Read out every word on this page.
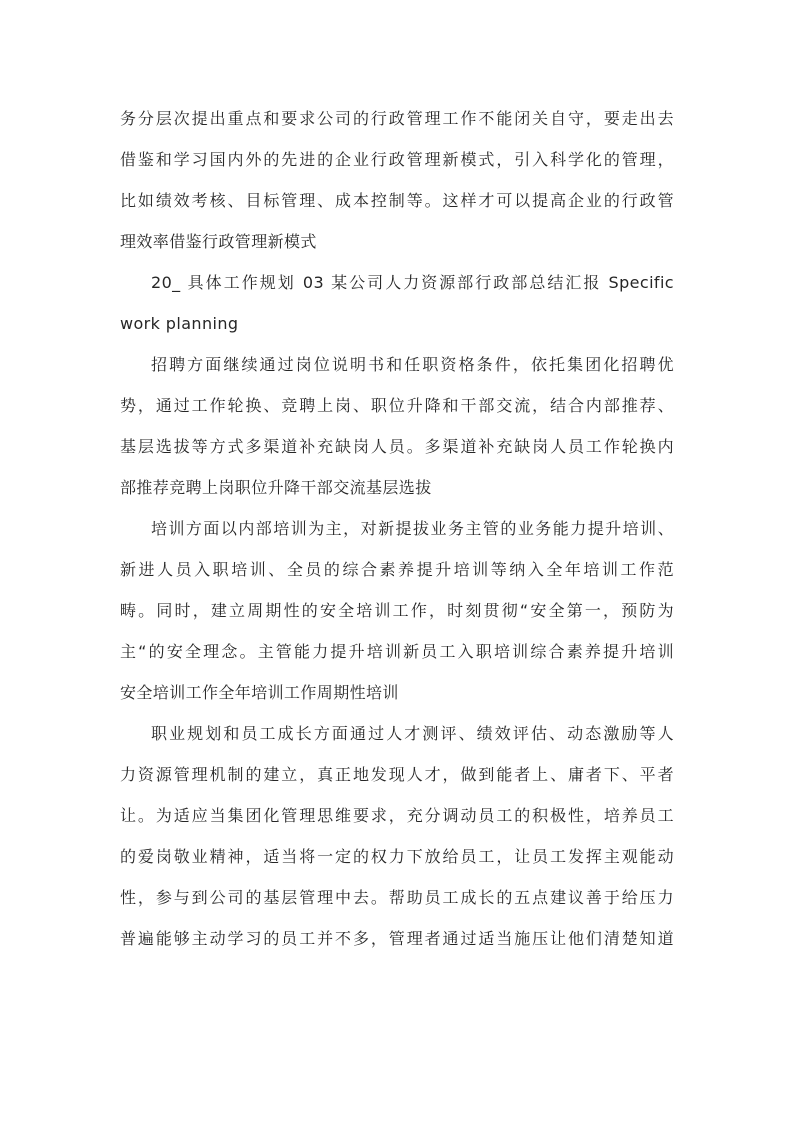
务分层次提出重点和要求公司的行政管理工作不能闭关自守，要走出去
借鉴和学习国内外的先进的企业行政管理新模式，引入科学化的管理，
比如绩效考核、目标管理、成本控制等。这样才可以提高企业的行政管
理效率借鉴行政管理新模式
20_ 具体工作规划 03 某公司人力资源部行政部总结汇报 Specific
work planning
招聘方面继续通过岗位说明书和任职资格条件，依托集团化招聘优
势，通过工作轮换、竞聘上岗、职位升降和干部交流，结合内部推荐、
基层选拔等方式多渠道补充缺岗人员。多渠道补充缺岗人员工作轮换内
部推荐竞聘上岗职位升降干部交流基层选拔
培训方面以内部培训为主，对新提拔业务主管的业务能力提升培训、
新进人员入职培训、全员的综合素养提升培训等纳入全年培训工作范
畴。同时，建立周期性的安全培训工作，时刻贯彻“安全第一，预防为
主“的安全理念。主管能力提升培训新员工入职培训综合素养提升培训
安全培训工作全年培训工作周期性培训
职业规划和员工成长方面通过人才测评、绩效评估、动态激励等人
力资源管理机制的建立，真正地发现人才，做到能者上、庸者下、平者
让。为适应当集团化管理思维要求，充分调动员工的积极性，培养员工
的爱岗敬业精神，适当将一定的权力下放给员工，让员工发挥主观能动
性，参与到公司的基层管理中去。帮助员工成长的五点建议善于给压力
普遍能够主动学习的员工并不多，管理者通过适当施压让他们清楚知道
